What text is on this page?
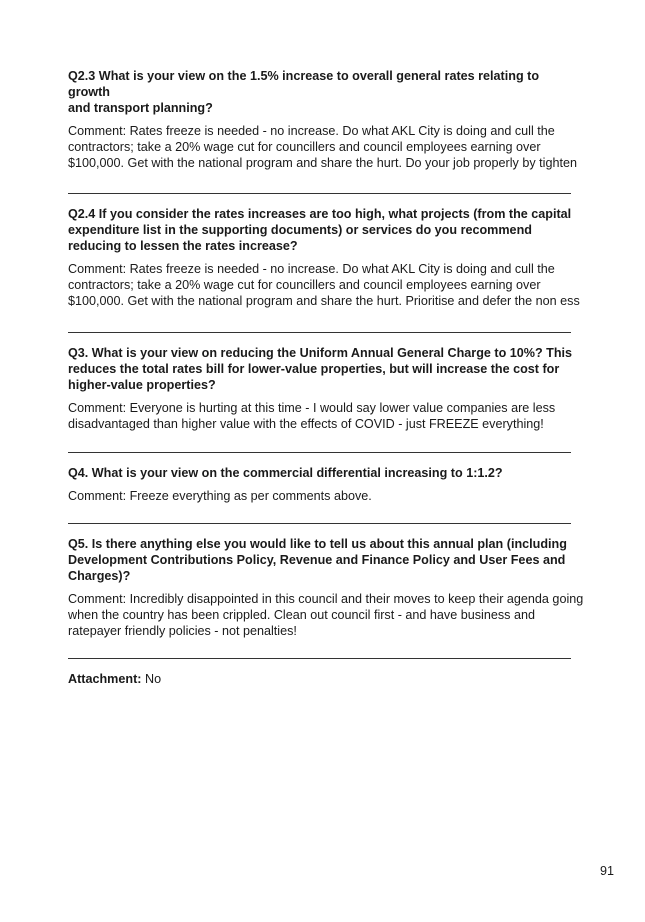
Q2.3 What is your view on the 1.5% increase to overall general rates relating to growth
and transport planning?
Comment: Rates freeze is needed - no increase. Do what AKL City is doing and cull the
contractors; take a 20% wage cut for councillers and council employees earning over
$100,000. Get with the national program and share the hurt. Do your job properly by tighten
Q2.4 If you consider the rates increases are too high, what projects (from the capital
expenditure list in the supporting documents) or services do you recommend
reducing to lessen the rates increase?
Comment: Rates freeze is needed - no increase. Do what AKL City is doing and cull the
contractors; take a 20% wage cut for councillers and council employees earning over
$100,000. Get with the national program and share the hurt. Prioritise and defer the non ess
Q3. What is your view on reducing the Uniform Annual General Charge to 10%? This
reduces the total rates bill for lower-value properties, but will increase the cost for
higher-value properties?
Comment: Everyone is hurting at this time - I would say lower value companies are less
disadvantaged than higher value with the effects of COVID - just FREEZE everything!
Q4. What is your view on the commercial differential increasing to 1:1.2?
Comment: Freeze everything as per comments above.
Q5. Is there anything else you would like to tell us about this annual plan (including
Development Contributions Policy, Revenue and Finance Policy and User Fees and
Charges)?
Comment: Incredibly disappointed in this council and their moves to keep their agenda going
when the country has been crippled. Clean out council first - and have business and
ratepayer friendly policies - not penalties!
Attachment: No
91
